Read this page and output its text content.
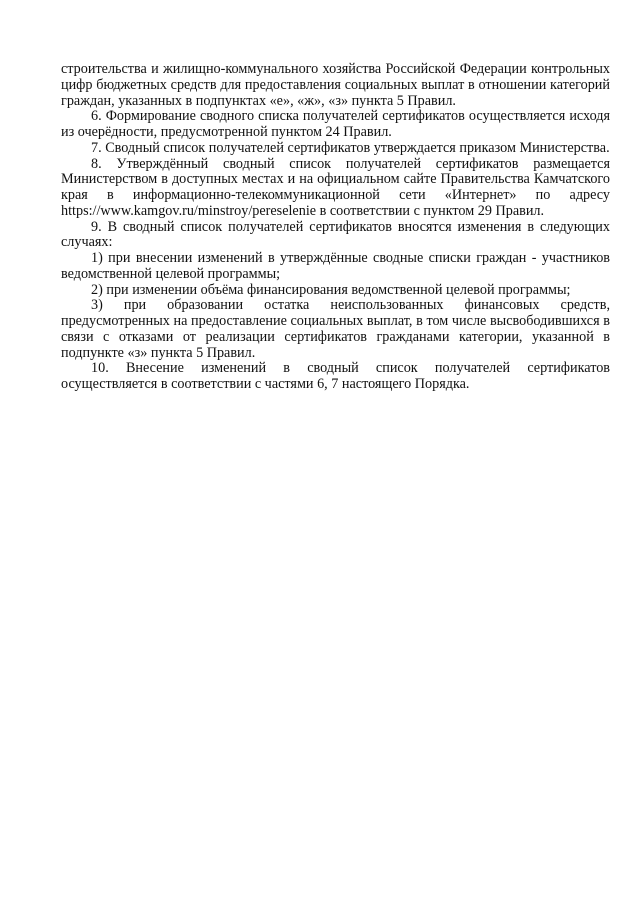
строительства и жилищно-коммунального хозяйства Российской Федерации контрольных цифр бюджетных средств для предоставления социальных выплат в отношении категорий граждан, указанных в подпунктах «е», «ж», «з» пункта 5 Правил.

6. Формирование сводного списка получателей сертификатов осуществляется исходя из очерёдности, предусмотренной пунктом 24 Правил.

7. Сводный список получателей сертификатов утверждается приказом Министерства.

8. Утверждённый сводный список получателей сертификатов размещается Министерством в доступных местах и на официальном сайте Правительства Камчатского края в информационно-телекоммуникационной сети «Интернет» по адресу https://www.kamgov.ru/minstroy/pereselenie в соответствии с пунктом 29 Правил.

9. В сводный список получателей сертификатов вносятся изменения в следующих случаях:

1) при внесении изменений в утверждённые сводные списки граждан - участников ведомственной целевой программы;

2) при изменении объёма финансирования ведомственной целевой программы;

3) при образовании остатка неиспользованных финансовых средств, предусмотренных на предоставление социальных выплат, в том числе высвободившихся в связи с отказами от реализации сертификатов гражданами категории, указанной в подпункте «з» пункта 5 Правил.

10. Внесение изменений в сводный список получателей сертификатов осуществляется в соответствии с частями 6, 7 настоящего Порядка.
